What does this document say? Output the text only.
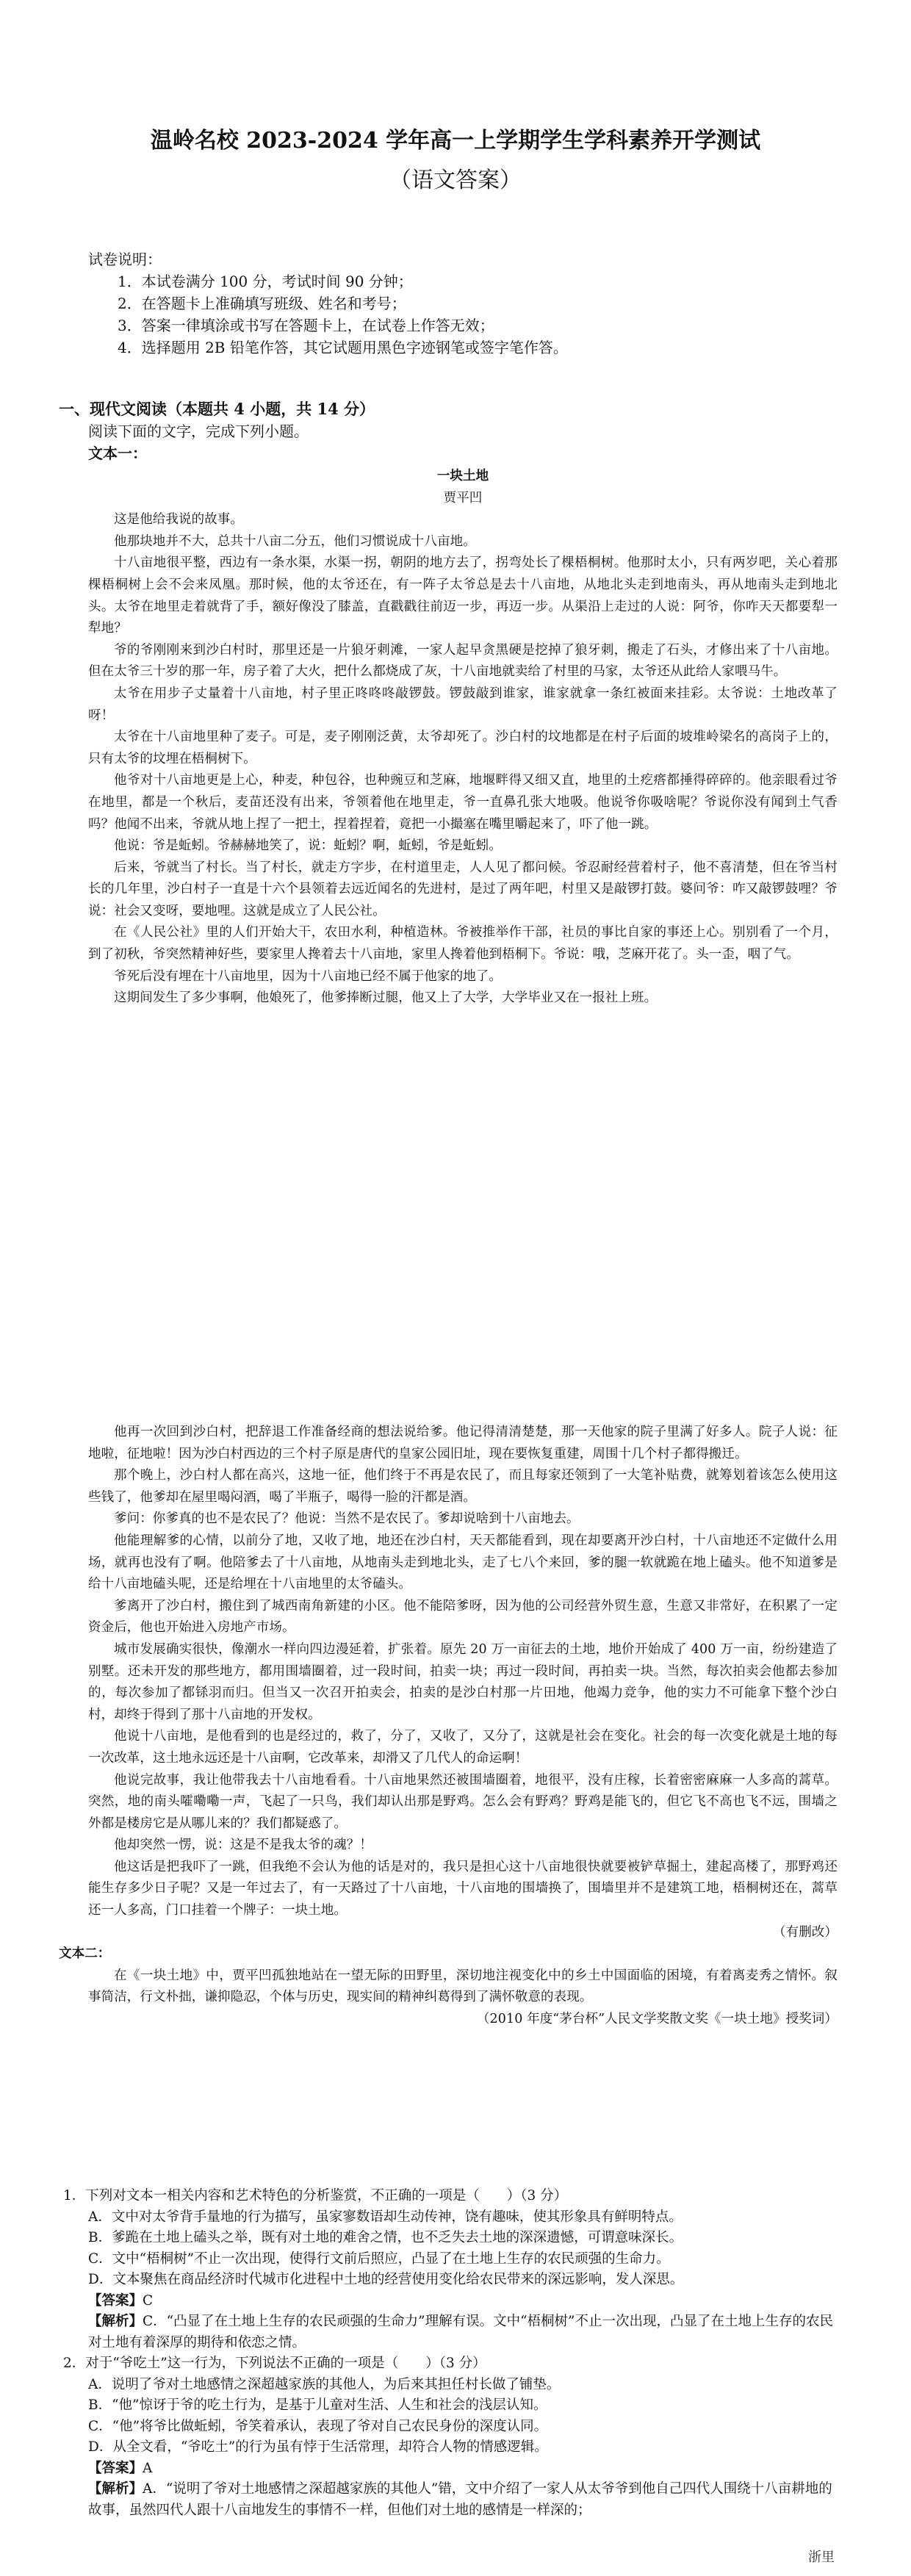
温岭名校 2023-2024 学年高一上学期学生学科素养开学测试
（语文答案）

试卷说明：

1．本试卷满分 100 分，考试时间 90 分钟；

2．在答题卡上准确填写班级、姓名和考号；

3．答案一律填涂或书写在答题卡上，在试卷上作答无效；

4．选择题用 2B 铅笔作答，其它试题用黑色字迹钢笔或签字笔作答。

一、现代文阅读（本题共 4 小题，共 14 分）

阅读下面的文字，完成下列小题。

文本一：

一块土地

贾平凹

这是他给我说的故事。

他那块地并不大，总共十八亩二分五，他们习惯说成十八亩地。

十八亩地很平整，西边有一条水渠，水渠一拐，朝阴的地方去了，拐弯处长了棵梧桐树。他那时太小，只有两岁吧，关心着那棵梧桐树上会不会来凤凰。那时候，他的太爷还在，有一阵子太爷总是去十八亩地，从地北头走到地南头，再从地南头走到地北头。太爷在地里走着就背了手，额好像没了膝盖，直戳戳往前迈一步，再迈一步。从渠沿上走过的人说：阿爷，你咋天天都要犁一犁地？

爷的爷刚刚来到沙白村时，那里还是一片狼牙刺滩，一家人起早贪黑硬是挖掉了狼牙刺，搬走了石头，才修出来了十八亩地。但在太爷三十岁的那一年，房子着了大火，把什么都烧成了灰，十八亩地就卖给了村里的马家，太爷还从此给人家喂马牛。

太爷在用步子丈量着十八亩地，村子里正咚咚咚敲锣鼓。锣鼓敲到谁家，谁家就拿一条红被面来挂彩。太爷说：土地改革了呀！

太爷在十八亩地里种了麦子。可是，麦子刚刚泛黄，太爷却死了。沙白村的坟地都是在村子后面的坡堆岭梁名的高岗子上的，只有太爷的坟埋在梧桐树下。

他爷对十八亩地更是上心，种麦，种包谷，也种豌豆和芝麻，地堰畔得又细又直，地里的土疙瘩都捶得碎碎的。他亲眼看过爷在地里，都是一个秋后，麦苗还没有出来，爷领着他在地里走，爷一直鼻孔张大地吸。他说爷你吸啥呢？爷说你没有闻到土气香吗？他闻不出来，爷就从地上捏了一把土，捏着捏着，竟把一小撮塞在嘴里嚼起来了，吓了他一跳。

他说：爷是蚯蚓。爷赫赫地笑了，说：蚯蚓？啊，蚯蚓，爷是蚯蚓。

后来，爷就当了村长。当了村长，就走方字步，在村道里走，人人见了都问候。爷忍耐经营着村子，他不喜清楚，但在爷当村长的几年里，沙白村子一直是十六个县领着去远近闻名的先进村，是过了两年吧，村里又是敲锣打鼓。婆问爷：咋又敲锣鼓哩？爷说：社会又变呀，要地哩。这就是成立了人民公社。

在《人民公社》里的人们开始大干，农田水利，种植造林。爷被推举作干部，社员的事比自家的事还上心。别别看了一个月，到了初秋，爷突然精神好些，要家里人搀着去十八亩地，家里人搀着他到梧桐下。爷说：哦，芝麻开花了。头一歪，咽了气。

爷死后没有埋在十八亩地里，因为十八亩地已经不属于他家的地了。

这期间发生了多少事啊，他娘死了，他爹捧断过腿，他又上了大学，大学毕业又在一报社上班。

他再一次回到沙白村，把辞退工作准备经商的想法说给爹。他记得清清楚楚，那一天他家的院子里满了好多人。院子人说：征地啦，征地啦！因为沙白村西边的三个村子原是唐代的皇家公园旧址，现在要恢复重建，周围十几个村子都得搬迁。

那个晚上，沙白村人都在高兴，这地一征，他们终于不再是农民了，而且每家还领到了一大笔补贴费，就筹划着该怎么使用这些钱了，他爹却在屋里喝闷酒，喝了半瓶子，喝得一脸的汗都是酒。

爹问：你爹真的也不是农民了？他说：当然不是农民了。爹却说啥到十八亩地去。

他能理解爹的心情，以前分了地，又收了地，地还在沙白村，天天都能看到，现在却要离开沙白村，十八亩地还不定做什么用场，就再也没有了啊。他陪爹去了十八亩地，从地南头走到地北头，走了七八个来回，爹的腿一软就跪在地上磕头。他不知道爹是给十八亩地磕头呢，还是给埋在十八亩地里的太爷磕头。

爹离开了沙白村，搬住到了城西南角新建的小区。他不能陪爹呀，因为他的公司经营外贸生意，生意又非常好，在积累了一定资金后，他也开始进入房地产市场。

城市发展确实很快，像潮水一样向四边漫延着，扩张着。原先 20 万一亩征去的土地，地价开始成了 400 万一亩，纷纷建造了别墅。还未开发的那些地方，都用围墙圈着，过一段时间，拍卖一块；再过一段时间，再拍卖一块。当然，每次拍卖会他都去参加的，每次参加了都铩羽而归。但当又一次召开拍卖会，拍卖的是沙白村那一片田地，他竭力竞争，他的实力不可能拿下整个沙白村，却终于得到了那十八亩地的开发权。

他说十八亩地，是他看到的也是经过的，救了，分了，又收了，又分了，这就是社会在变化。社会的每一次变化就是土地的每一次改革，这土地永远还是十八亩啊，它改革来，却滑又了几代人的命运啊！

他说完故事，我让他带我去十八亩地看看。十八亩地果然还被围墙圈着，地很平，没有庄稼，长着密密麻麻一人多高的蒿草。突然，地的南头嚯嘞嘞一声，飞起了一只鸟，我们却认出那是野鸡。怎么会有野鸡？野鸡是能飞的，但它飞不高也飞不远，围墙之外都是楼房它是从哪儿来的？我们都疑惑了。

他却突然一愣，说：这是不是我太爷的魂？！

他这话是把我吓了一跳，但我绝不会认为他的话是对的，我只是担心这十八亩地很快就要被铲草掘土，建起高楼了，那野鸡还能生存多少日子呢？又是一年过去了，有一天路过了十八亩地，十八亩地的围墙换了，围墙里并不是建筑工地，梧桐树还在，蒿草还一人多高，门口挂着一个牌子：一块土地。

（有删改）

文本二：

在《一块土地》中，贾平凹孤独地站在一望无际的田野里，深切地注视变化中的乡土中国面临的困境，有着离麦秀之情怀。叙事简洁，行文朴拙，谦抑隐忍，个体与历史，现实间的精神纠葛得到了满怀敬意的表现。

（2010 年度“茅台杯”人民文学奖散文奖《一块土地》授奖词）

1．下列对文本一相关内容和艺术特色的分析鉴赏，不正确的一项是（　　）（3 分）

A．文中对太爷背手量地的行为描写，虽家寥数语却生动传神，饶有趣味，使其形象具有鲜明特点。

B．爹跪在土地上磕头之举，既有对土地的难舍之情，也不乏失去土地的深深遗憾，可谓意味深长。

C．文中“梧桐树”不止一次出现，使得行文前后照应，凸显了在土地上生存的农民顽强的生命力。

D．文本聚焦在商品经济时代城市化进程中土地的经营使用变化给农民带来的深远影响，发人深思。

【答案】C

【解析】C．“凸显了在土地上生存的农民顽强的生命力”理解有误。文中“梧桐树”不止一次出现，凸显了在土地上生存的农民对土地有着深厚的期待和依恋之情。

2．对于“爷吃土”这一行为，下列说法不正确的一项是（　　）（3 分）

A．说明了爷对土地感情之深超越家族的其他人，为后来其担任村长做了铺垫。

B．“他”惊讶于爷的吃土行为，是基于儿童对生活、人生和社会的浅层认知。

C．“他”将爷比做蚯蚓，爷笑着承认，表现了爷对自己农民身份的深度认同。

D．从全文看，“爷吃土”的行为虽有悖于生活常理，却符合人物的情感逻辑。

【答案】A

【解析】A．“说明了爷对土地感情之深超越家族的其他人”错，文中介绍了一家人从太爷爷到他自己四代人围绕十八亩耕地的故事，虽然四代人跟十八亩地发生的事情不一样，但他们对土地的感情是一样深的；

浙里
